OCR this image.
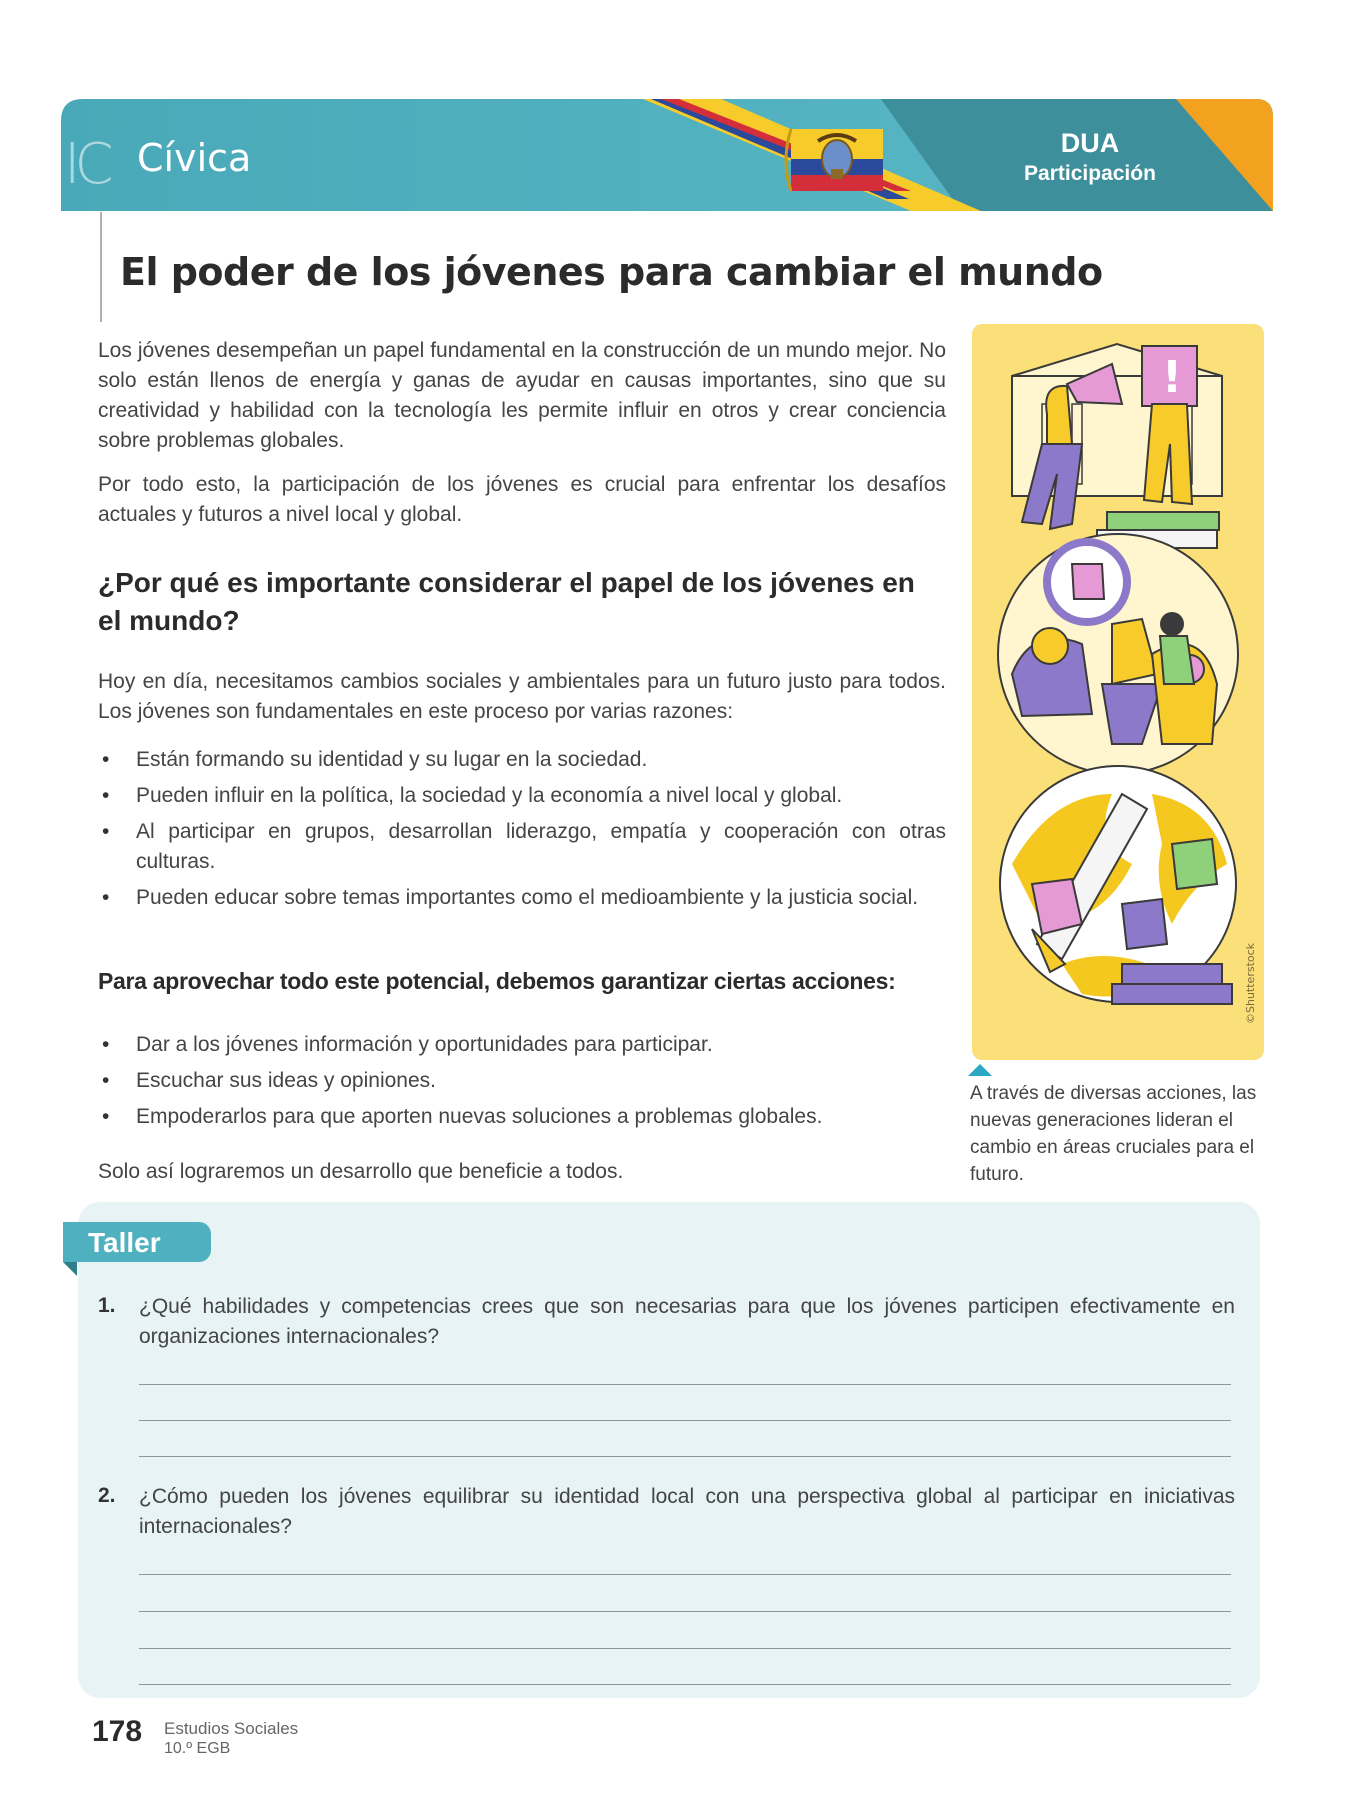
IC Cívica	DUA
Participación
El poder de los jóvenes para cambiar el mundo

Los jóvenes desempeñan un papel fundamental en la construcción de un mundo mejor. No solo están llenos de energía y ganas de ayudar en causas importantes, sino que su creatividad y habilidad con la tecnología les permite influir en otros y crear conciencia sobre problemas globales.

Por todo esto, la participación de los jóvenes es crucial para enfrentar los desafíos actuales y futuros a nivel local y global.

¿Por qué es importante considerar el papel de los jóvenes en el mundo?

Hoy en día, necesitamos cambios sociales y ambientales para un futuro justo para todos. Los jóvenes son fundamentales en este proceso por varias razones:

• Están formando su identidad y su lugar en la sociedad.
• Pueden influir en la política, la sociedad y la economía a nivel local y global.
• Al participar en grupos, desarrollan liderazgo, empatía y cooperación con otras culturas.
• Pueden educar sobre temas importantes como el medioambiente y la justicia social.
Para aprovechar todo este potencial, debemos garantizar ciertas acciones:
• Dar a los jóvenes información y oportunidades para participar.
• Escuchar sus ideas y opiniones.
• Empoderarlos para que aporten nuevas soluciones a problemas globales.

Solo así lograremos un desarrollo que beneficie a todos.

!
©Shutterstock
A través de diversas acciones, las nuevas generaciones lideran el cambio en áreas cruciales para el futuro.
Taller
1. ¿Qué habilidades y competencias crees que son necesarias para que los jóvenes participen efectivamente en organizaciones internacionales?
2. ¿Cómo pueden los jóvenes equilibrar su identidad local con una perspectiva global al participar en iniciativas internacionales?
178 Estudios Sociales
10.º EGB
